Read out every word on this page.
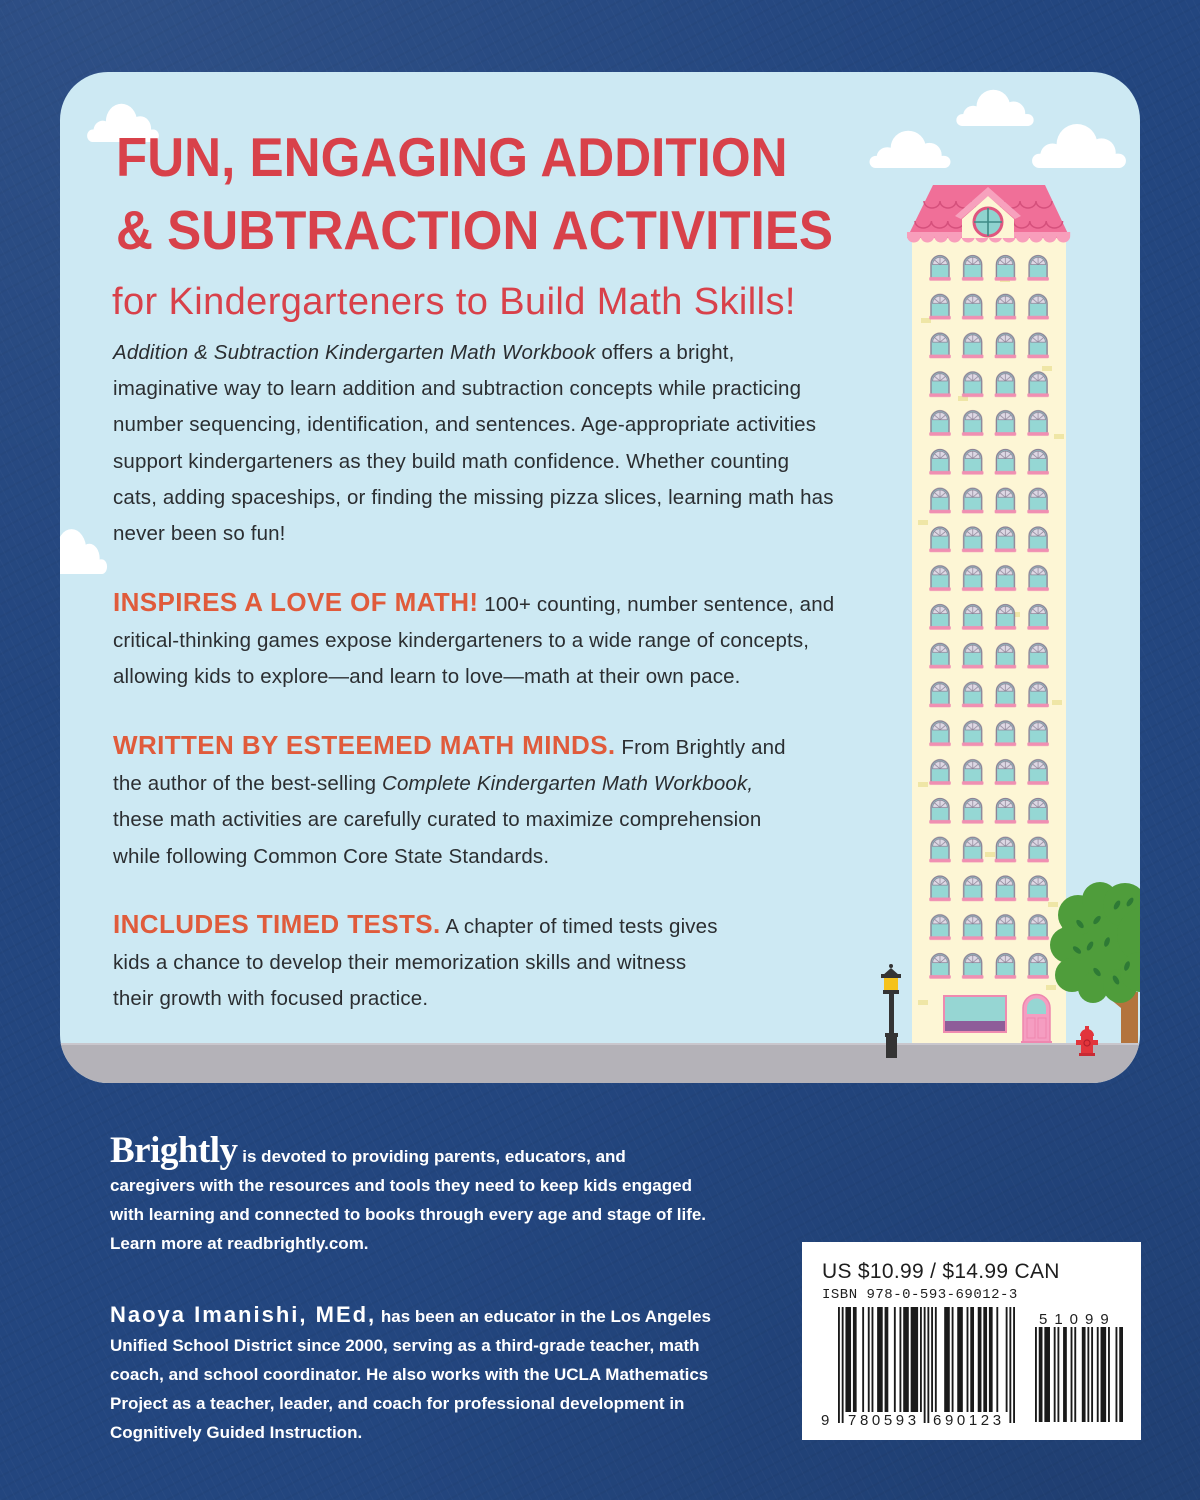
FUN, ENGAGING ADDITION
& SUBTRACTION ACTIVITIES
for Kindergarteners to Build Math Skills!
Addition & Subtraction Kindergarten Math Workbook offers a bright,
imaginative way to learn addition and subtraction concepts while practicing
number sequencing, identification, and sentences. Age-appropriate activities
support kindergarteners as they build math confidence. Whether counting
cats, adding spaceships, or finding the missing pizza slices, learning math has
never been so fun!
INSPIRES A LOVE OF MATH! 100+ counting, number sentence, and
critical-thinking games expose kindergarteners to a wide range of concepts,
allowing kids to explore—and learn to love—math at their own pace.
WRITTEN BY ESTEEMED MATH MINDS. From Brightly and
the author of the best-selling Complete Kindergarten Math Workbook,
these math activities are carefully curated to maximize comprehension
while following Common Core State Standards.
INCLUDES TIMED TESTS. A chapter of timed tests gives
kids a chance to develop their memorization skills and witness
their growth with focused practice.
Brightly is devoted to providing parents, educators, and
caregivers with the resources and tools they need to keep kids engaged
with learning and connected to books through every age and stage of life.
Learn more at readbrightly.com.
Naoya Imanishi, MEd, has been an educator in the Los Angeles
Unified School District since 2000, serving as a third-grade teacher, math
coach, and school coordinator. He also works with the UCLA Mathematics
Project as a teacher, leader, and coach for professional development in
Cognitively Guided Instruction.
US $10.99 / $14.99 CAN
ISBN 978-0-593-69012-3
9 780593 690123
51099
